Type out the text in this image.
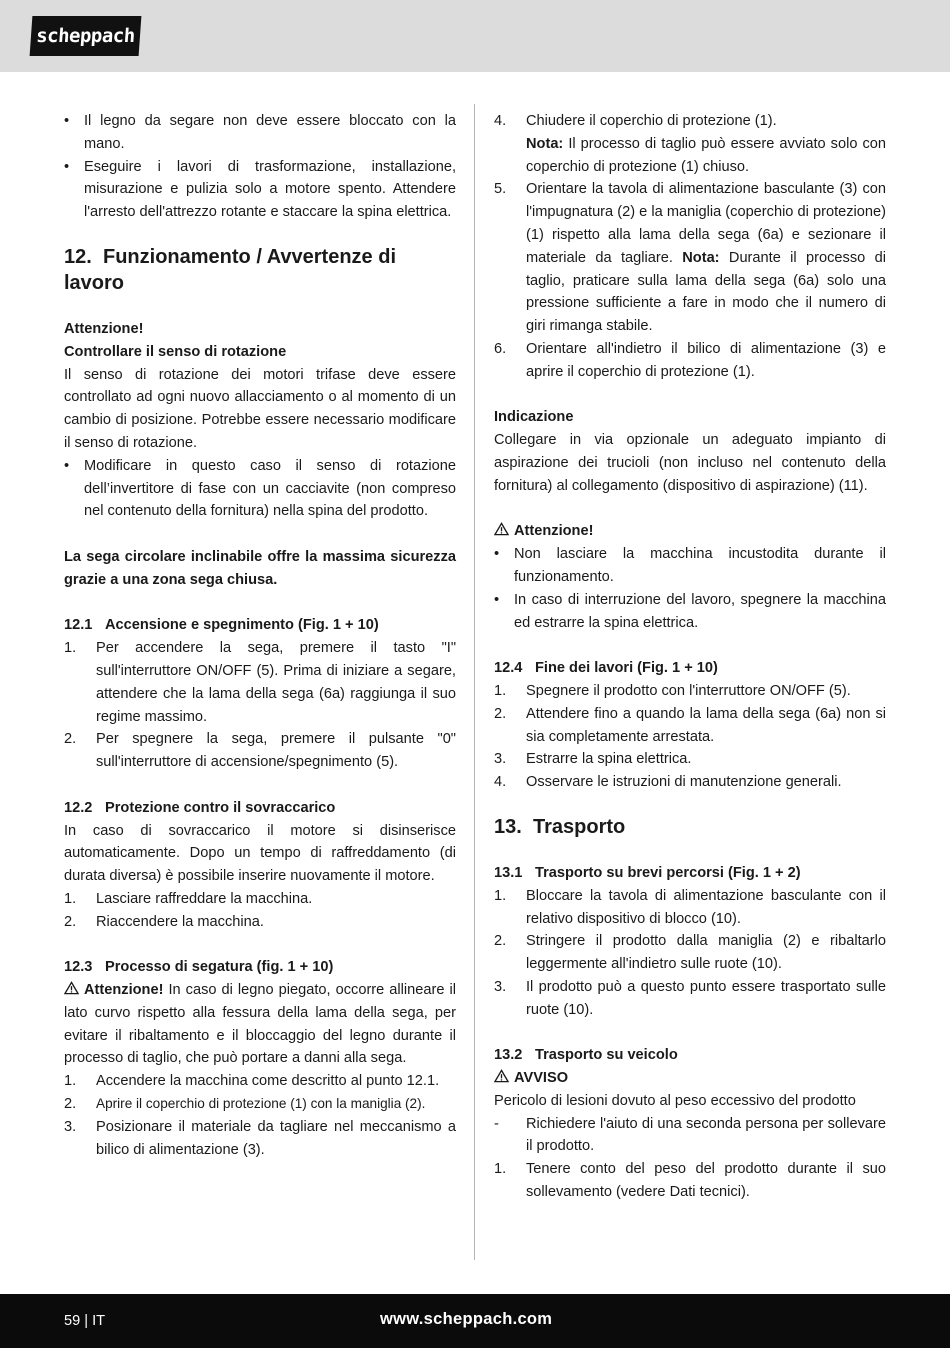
scheppach
• Il legno da segare non deve essere bloccato con la mano.
• Eseguire i lavori di trasformazione, installazione, misurazione e pulizia solo a motore spento. Attendere l'arresto dell'attrezzo rotante e staccare la spina elettrica.
12. Funzionamento / Avvertenze di lavoro

Attenzione!

Controllare il senso di rotazione

Il senso di rotazione dei motori trifase deve essere controllato ad ogni nuovo allacciamento o al momento di un cambio di posizione. Potrebbe essere necessario modificare il senso di rotazione.

• Modificare in questo caso il senso di rotazione dell’invertitore di fase con un cacciavite (non compreso nel contenuto della fornitura) nella spina del prodotto.

La sega circolare inclinabile offre la massima sicurezza grazie a una zona sega chiusa.

12.1 Accensione e spegnimento (Fig. 1 + 10)
1. Per accendere la sega, premere il tasto "I" sull'interruttore ON/OFF (5). Prima di iniziare a segare, attendere che la lama della sega (6a) raggiunga il suo regime massimo.
2. Per spegnere la sega, premere il pulsante "0" sull'interruttore di accensione/spegnimento (5).
12.2 Protezione contro il sovraccarico

In caso di sovraccarico il motore si disinserisce automaticamente. Dopo un tempo di raffreddamento (di durata diversa) è possibile inserire nuovamente il motore.

1. Lasciare raffreddare la macchina.
2. Riaccendere la macchina.
12.3 Processo di segatura (fig. 1 + 10)

Attenzione! In caso di legno piegato, occorre allineare il lato curvo rispetto alla fessura della lama della sega, per evitare il ribaltamento e il bloccaggio del legno durante il processo di taglio, che può portare a danni alla sega.

1. Accendere la macchina come descritto al punto 12.1.
2. Aprire il coperchio di protezione (1) con la maniglia (2).
3. Posizionare il materiale da tagliare nel meccanismo a bilico di alimentazione (3).
4. Chiudere il coperchio di protezione (1).
Nota: Il processo di taglio può essere avviato solo con coperchio di protezione (1) chiuso.
5. Orientare la tavola di alimentazione basculante (3) con l'impugnatura (2) e la maniglia (coperchio di protezione) (1) rispetto alla lama della sega (6a) e sezionare il materiale da tagliare. Nota: Durante il processo di taglio, praticare sulla lama della sega (6a) solo una pressione sufficiente a fare in modo che il numero di giri rimanga stabile.
6. Orientare all'indietro il bilico di alimentazione (3) e aprire il coperchio di protezione (1).

Indicazione

Collegare in via opzionale un adeguato impianto di aspirazione dei trucioli (non incluso nel contenuto della fornitura) al collegamento (dispositivo di aspirazione) (11).

Attenzione!

• Non lasciare la macchina incustodita durante il funzionamento.
• In caso di interruzione del lavoro, spegnere la macchina ed estrarre la spina elettrica.
12.4 Fine dei lavori (Fig. 1 + 10)
1. Spegnere il prodotto con l'interruttore ON/OFF (5).
2. Attendere fino a quando la lama della sega (6a) non si sia completamente arrestata.
3. Estrarre la spina elettrica.
4. Osservare le istruzioni di manutenzione generali.
13. Trasporto
13.1 Trasporto su brevi percorsi (Fig. 1 + 2)
1. Bloccare la tavola di alimentazione basculante con il relativo dispositivo di blocco (10).
2. Stringere il prodotto dalla maniglia (2) e ribaltarlo leggermente all'indietro sulle ruote (10).
3. Il prodotto può a questo punto essere trasportato sulle ruote (10).
13.2 Trasporto su veicolo

AVVISO

Pericolo di lesioni dovuto al peso eccessivo del prodotto

- Richiedere l'aiuto di una seconda persona per sollevare il prodotto.
1. Tenere conto del peso del prodotto durante il suo sollevamento (vedere Dati tecnici).
59 | IT	www.scheppach.com
